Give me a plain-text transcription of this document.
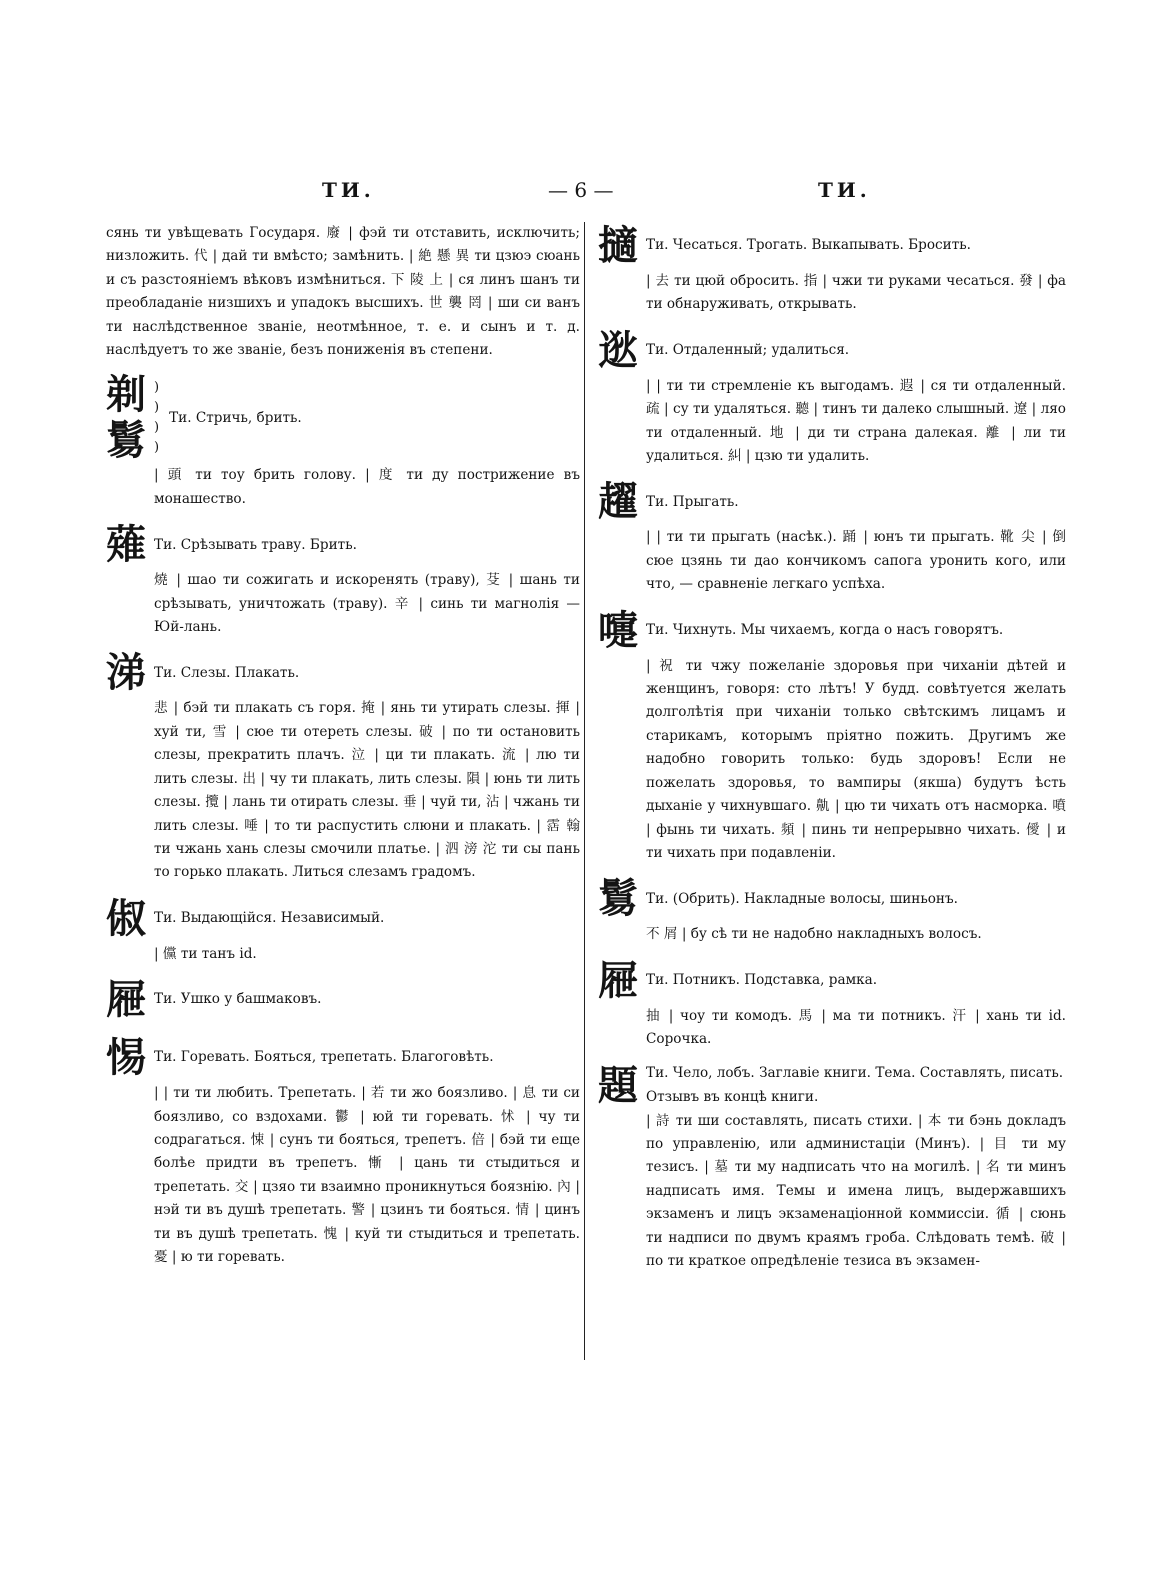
ТИ.	— 6 —	ТИ.

сянь ти увѣщевать Государя. 廢 | фэй ти отставить, исключить; низложить. 代 | дай ти вмѣсто; замѣнить. | 絶 懸 異 ти цзюэ сюань и съ разстояніемъ вѣковъ измѣниться. 下 陵 上 | ся линъ шанъ ти преобладаніе низшихъ и упадокъ высшихъ. 世 襲 罔 | ши си ванъ ти наслѣдственное званіе, неотмѣнное, т. е. и сынъ и т. д. наслѣдуетъ то же званіе, безъ пониженія въ степени.

剃
鬄
)
)
)
)
Ти. Стричь, брить.
| 頭 ти тоу брить голову. | 度 ти ду пострижение въ монашество.
薙 Ти. Срѣзывать траву. Брить.
燒 | шао ти сожигать и искоренять (траву), 芟 | шань ти срѣзывать, уничтожать (траву). 辛 | синь ти магнолія — Юй-лань.
涕 Ти. Слезы. Плакать.
悲 | бэй ти плакать съ горя. 掩 | янь ти утирать слезы. 揮 | хуй ти, 雪 | сюе ти отереть слезы. 破 | по ти остановить слезы, прекратить плачъ. 泣 | ци ти плакать. 流 | лю ти лить слезы. 出 | чу ти плакать, лить слезы. 隕 | юнь ти лить слезы. 攬 | лань ти отирать слезы. 垂 | чуй ти, 沾 | чжань ти лить слезы. 唾 | то ти распустить слюни и плакать. | 霑 翰 ти чжань хань слезы смочили платье. | 泗 滂 沱 ти сы пань то горько плакать. Литься слезамъ градомъ.
俶 Ти. Выдающійся. Независимый.
| 儻 ти танъ id.
屜 Ти. Ушко у башмаковъ.
惕 Ти. Горевать. Бояться, трепетать. Благоговѣть.
| | ти ти любить. Трепетать. | 若 ти жо боязливо. | 息 ти си боязливо, со вздохами. 鬱 | юй ти горевать. 怵 | чу ти содрагаться. 悚 | сунъ ти бояться, трепетъ. 倍 | бэй ти еще болѣе придти въ трепетъ. 慚 | цань ти стыдиться и трепетать. 交 | цзяо ти взаимно проникнуться боязнію. 內 | нэй ти въ душѣ трепетать. 警 | цзинъ ти бояться. 情 | цинъ ти въ душѣ трепетать. 愧 | куй ти стыдиться и трепетать. 憂 | ю ти горевать.
擿 Ти. Чесаться. Трогать. Выкапывать. Бросить.
| 去 ти цюй обросить. 指 | чжи ти руками чесаться. 發 | фа ти обнаруживать, открывать.
逖 Ти. Отдаленный; удалиться.
| | ти ти стремленіе къ выгодамъ. 遐 | ся ти отдаленный. 疏 | су ти удаляться. 聽 | тинъ ти далеко слышный. 遼 | ляо ти отдаленный. 地 | ди ти страна далекая. 離 | ли ти удалиться. 糾 | цзю ти удалить.
趯 Ти. Прыгать.
| | ти ти прыгать (насѣк.). 踊 | юнъ ти прыгать. 靴 尖 | 倒 сюе цзянь ти дао кончикомъ сапога уронить кого, или что, — сравненіе легкаго успѣха.
嚏 Ти. Чихнуть. Мы чихаемъ, когда о насъ говорятъ.
| 祝 ти чжу пожеланіе здоровья при чиханіи дѣтей и женщинъ, говоря: сто лѣтъ! У будд. совѣтуется желать долголѣтія при чиханіи только свѣтскимъ лицамъ и старикамъ, которымъ пріятно пожить. Другимъ же надобно говорить только: будь здоровъ! Если не пожелать здоровья, то вампиры (якша) будутъ ѣсть дыханіе у чихнувшаго. 鼽 | цю ти чихать отъ насморка. 噴 | фынь ти чихать. 頻 | пинь ти непрерывно чихать. 僾 | и ти чихать при подавленіи.
鬄 Ти. (Обрить). Накладные волосы, шиньонъ.
不 屑 | бу сѣ ти не надобно накладныхъ волосъ.
屜 Ти. Потникъ. Подставка, рамка.
抽 | чоу ти комодъ. 馬 | ма ти потникъ. 汗 | хань ти id. Сорочка.
題 Ти. Чело, лобъ. Заглавіе книги. Тема. Составлять, писать. Отзывъ въ концѣ книги.
| 詩 ти ши составлять, писать стихи. | 本 ти бэнь докладъ по управленію, или администаціи (Минъ). | 目 ти му тезисъ. | 墓 ти му надписать что на могилѣ. | 名 ти минъ надписать имя. Темы и имена лицъ, выдержавшихъ экзаменъ и лицъ экзаменаціонной коммиссіи. 循 | сюнь ти надписи по двумъ краямъ гроба. Слѣдовать темѣ. 破 | по ти краткое опредѣленіе тезиса въ экзамен-
